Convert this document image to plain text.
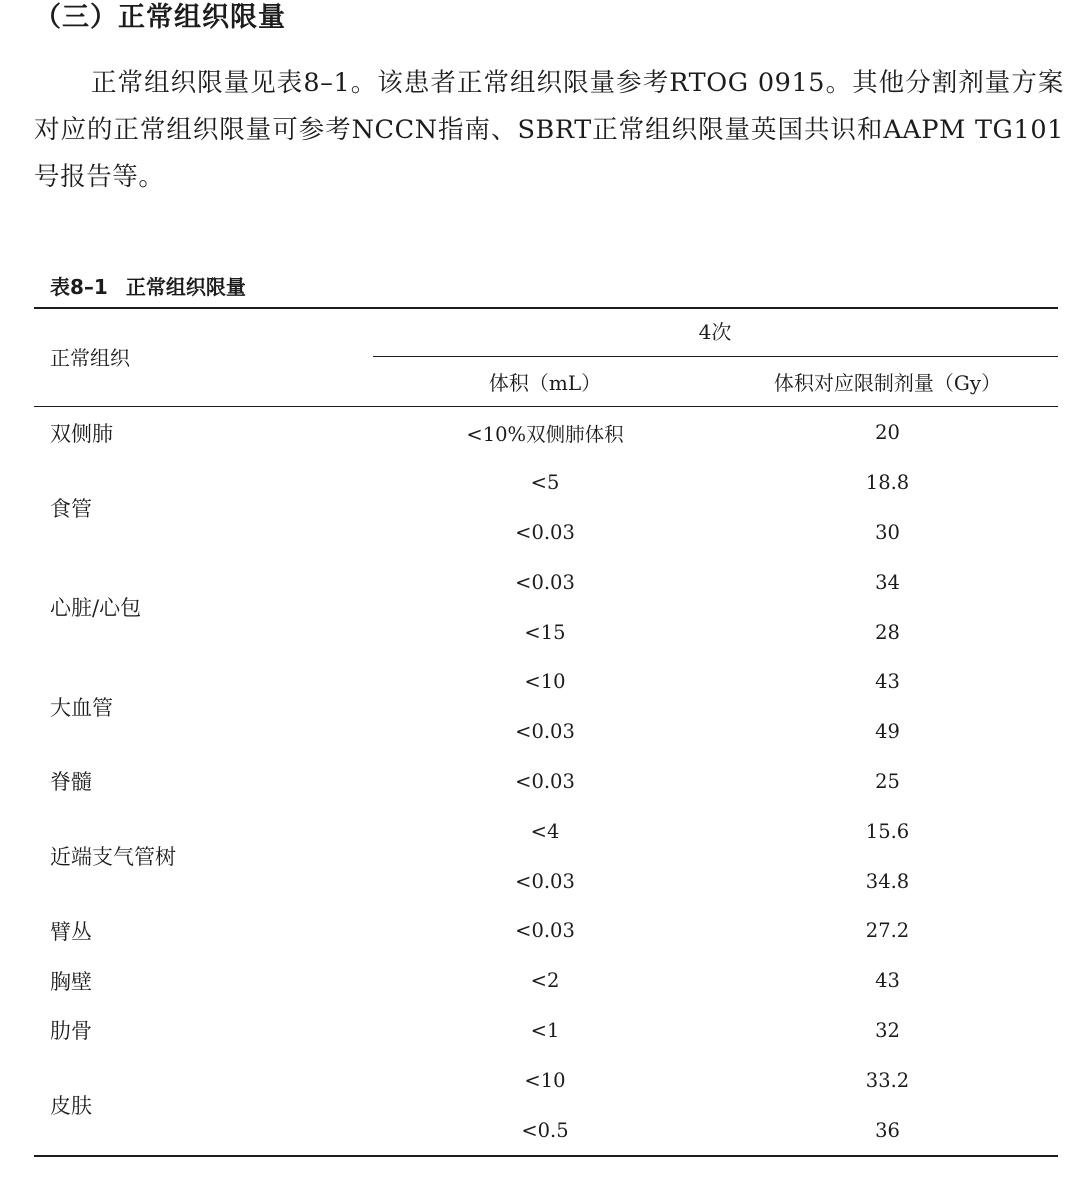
（三）正常组织限量

正常组织限量见表8–1。该患者正常组织限量参考RTOG 0915。其他分割剂量方案对应的正常组织限量可参考NCCN指南、SBRT正常组织限量英国共识和AAPM TG101号报告等。

表8–1 正常组织限量
正常组织
4次
体积（mL）	体积对应限制剂量（Gy）
双侧肺	<10%双侧肺体积	20
食管
<5	18.8
<0.03	30
心脏/心包
<0.03	34
<15	28
大血管
<10	43
<0.03	49
脊髓	<0.03	25
近端支气管树
<4	15.6
<0.03	34.8
臂丛	<0.03	27.2
胸壁	<2	43
肋骨	<1	32
皮肤
<10	33.2
<0.5	36
